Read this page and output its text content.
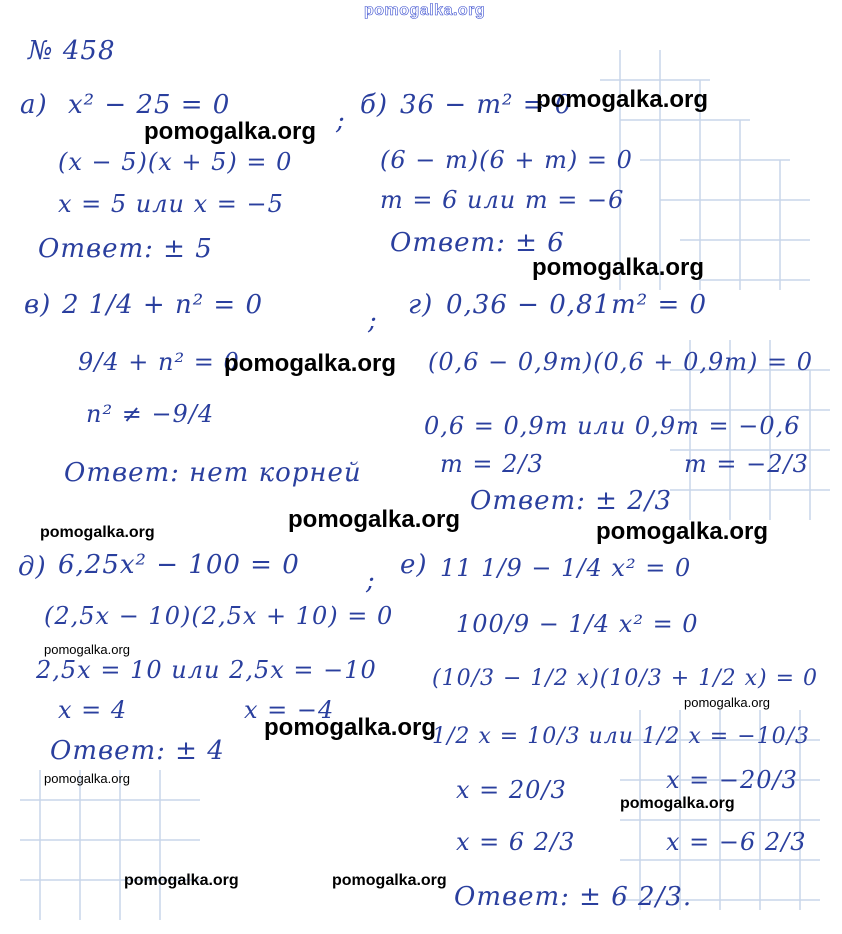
pomogalka.org
№ 458
а) x² − 25 = 0
;
(x − 5)(x + 5) = 0
x = 5 или x = −5
Ответ: ± 5
б) 36 − m² = 0
(6 − m)(6 + m) = 0
m = 6 или m = −6
Ответ: ± 6
в) 2 1/4 + n² = 0
;
9/4 + n² = 0
n² ≠ −9/4
Ответ: нет корней
г) 0,36 − 0,81m² = 0
(0,6 − 0,9m)(0,6 + 0,9m) = 0
0,6 = 0,9m или 0,9m = −0,6
m = 2/3	m = −2/3
Ответ: ± 2/3
д) 6,25x² − 100 = 0
;
(2,5x − 10)(2,5x + 10) = 0
2,5x = 10 или 2,5x = −10
x = 4	x = −4
Ответ: ± 4
е) 11 1/9 − 1/4 x² = 0
100/9 − 1/4 x² = 0
(10/3 − 1/2 x)(10/3 + 1/2 x) = 0
1/2 x = 10/3 или 1/2 x = −10/3
x = 20/3	x = −20/3
x = 6 2/3	x = −6 2/3
Ответ: ± 6 2/3.
pomogalka.org
pomogalka.org
pomogalka.org
pomogalka.org
pomogalka.org	pomogalka.org	pomogalka.org
pomogalka.org
pomogalka.org
pomogalka.org
pomogalka.org
pomogalka.org
pomogalka.org	pomogalka.org
